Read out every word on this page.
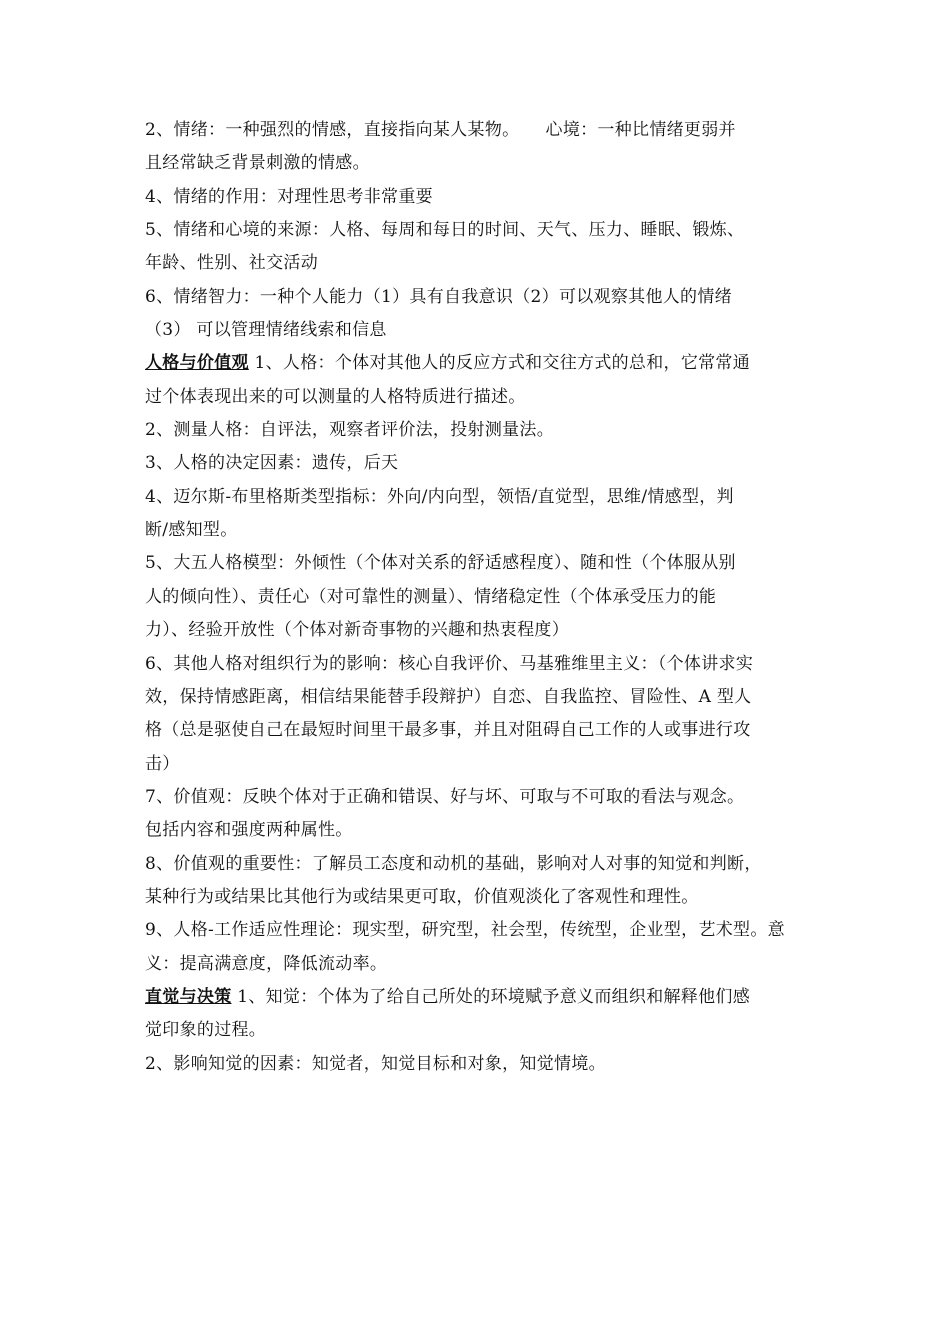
2、情绪：一种强烈的情感，直接指向某人某物。　　心境：一种比情绪更弱并
且经常缺乏背景刺激的情感。
4、情绪的作用：对理性思考非常重要
5、情绪和心境的来源：人格、每周和每日的时间、天气、压力、睡眠、锻炼、
年龄、性别、社交活动
6、情绪智力：一种个人能力（1）具有自我意识（2）可以观察其他人的情绪
（3） 可以管理情绪线索和信息
人格与价值观 1、人格：个体对其他人的反应方式和交往方式的总和，它常常通
过个体表现出来的可以测量的人格特质进行描述。
2、测量人格：自评法，观察者评价法，投射测量法。
3、人格的决定因素：遗传，后天
4、迈尔斯-布里格斯类型指标：外向/内向型，领悟/直觉型，思维/情感型，判
断/感知型。
5、大五人格模型：外倾性（个体对关系的舒适感程度）、随和性（个体服从别
人的倾向性）、责任心（对可靠性的测量）、情绪稳定性（个体承受压力的能
力）、经验开放性（个体对新奇事物的兴趣和热衷程度）
6、其他人格对组织行为的影响：核心自我评价、马基雅维里主义：（个体讲求实
效，保持情感距离，相信结果能替手段辩护）自恋、自我监控、冒险性、A 型人
格（总是驱使自己在最短时间里干最多事，并且对阻碍自己工作的人或事进行攻
击）
7、价值观：反映个体对于正确和错误、好与坏、可取与不可取的看法与观念。
包括内容和强度两种属性。
8、价值观的重要性：了解员工态度和动机的基础，影响对人对事的知觉和判断，
某种行为或结果比其他行为或结果更可取，价值观淡化了客观性和理性。
9、人格-工作适应性理论：现实型，研究型，社会型，传统型，企业型，艺术型。意
义：提高满意度，降低流动率。
直觉与决策 1、知觉：个体为了给自己所处的环境赋予意义而组织和解释他们感
觉印象的过程。
2、影响知觉的因素：知觉者，知觉目标和对象，知觉情境。
